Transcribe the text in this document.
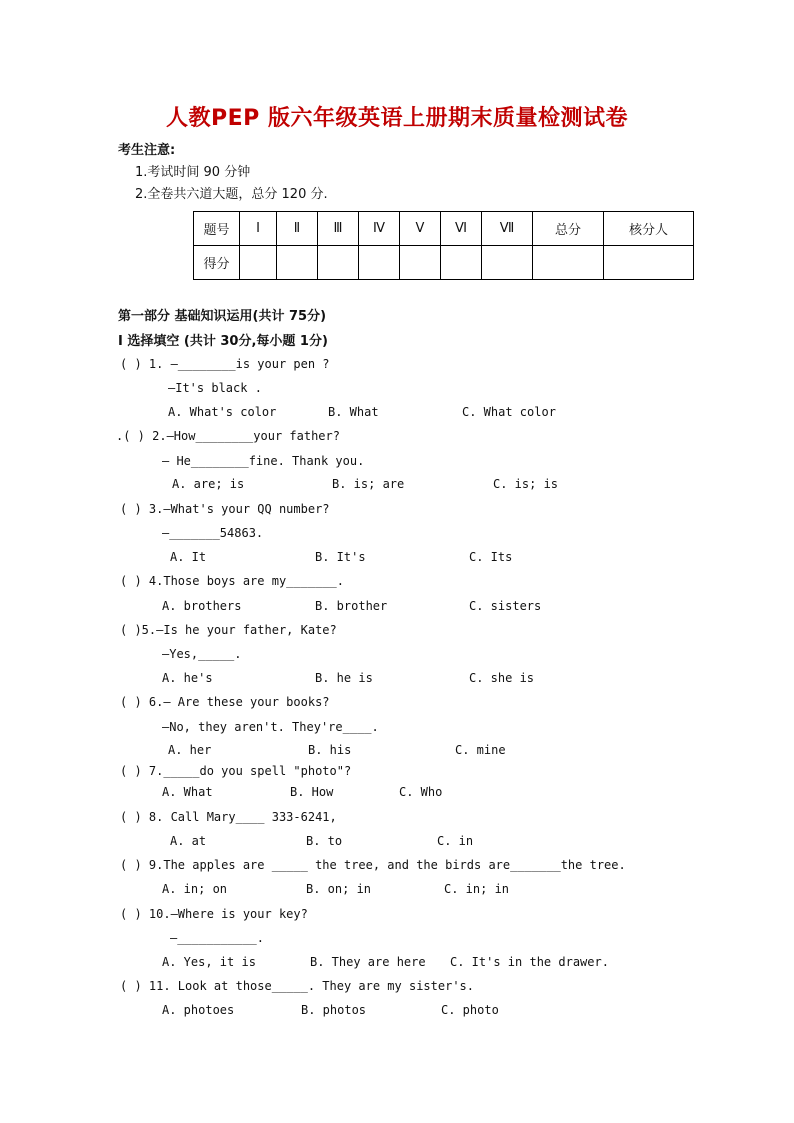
人教PEP 版六年级英语上册期末质量检测试卷
考生注意:
1.考试时间 90 分钟
2.全卷共六道大题，总分 120 分.
题号	Ⅰ	Ⅱ	Ⅲ	Ⅳ	Ⅴ	Ⅵ	Ⅶ	总分	核分人
得分									
第一部分 基础知识运用(共计 75分)
I 选择填空 (共计 30分,每小题 1分)
( ) 1. —________is your pen ?
—It's black .
A. What's color	B. What	C. What color
.( ) 2.—How________your father?
— He________fine. Thank you.
A. are; is	B. is; are	C. is; is
( ) 3.—What's your QQ number?
—_______54863.
A. It	B. It's	C. Its
( ) 4.Those boys are my_______.
A. brothers	B. brother	C. sisters
( )5.—Is he your father, Kate?
—Yes,_____.
A. he's	B. he is	C. she is
( ) 6.— Are these your books?
—No, they aren't. They're____.
A. her	B. his	C. mine
( ) 7._____do you spell "photo"?
A. What	B. How	C. Who
( ) 8. Call Mary____ 333-6241,
A. at	B. to	C. in
( ) 9.The apples are _____ the tree, and the birds are_______the tree.
A. in; on	B. on; in	C. in; in
( ) 10.—Where is your key?
—___________.
A. Yes, it is	B. They are here C. It's in the drawer.
( ) 11. Look at those_____. They are my sister's.
A. photoes	B. photos	C. photo
